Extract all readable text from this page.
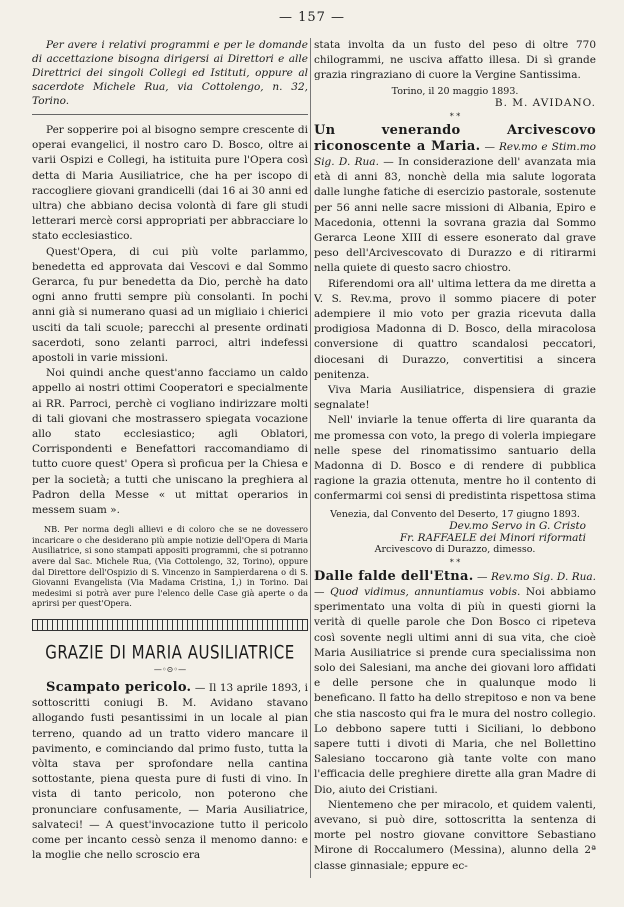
— 157 —

Per avere i relativi programmi e per le domande di accettazione bisogna dirigersi ai Direttori e alle Direttrici dei singoli Collegi ed Istituti, oppure al sacerdote Michele Rua, via Cottolengo, n. 32, Torino.

Per sopperire poi al bisogno sempre crescente di operai evangelici, il nostro caro D. Bosco, oltre ai varii Ospizi e Collegi, ha istituita pure l'Opera così detta di Maria Ausiliatrice, che ha per iscopo di raccogliere giovani grandicelli (dai 16 ai 30 anni ed ultra) che abbiano decisa volontà di fare gli studi letterari mercè corsi appropriati per abbracciare lo stato ecclesiastico.

Quest'Opera, di cui più volte parlammo, benedetta ed approvata dai Vescovi e dal Sommo Gerarca, fu pur benedetta da Dio, perchè ha dato ogni anno frutti sempre più consolanti. In pochi anni già si numerano quasi ad un migliaio i chierici usciti da tali scuole; parecchi al presente ordinati sacerdoti, sono zelanti parroci, altri indefessi apostoli in varie missioni.

Noi quindi anche quest'anno facciamo un caldo appello ai nostri ottimi Cooperatori e specialmente ai RR. Parroci, perchè ci vogliano indirizzare molti di tali giovani che mostrassero spiegata vocazione allo stato ecclesiastico; agli Oblatori, Corrispondenti e Benefattori raccomandiamo di tutto cuore quest' Opera sì proficua per la Chiesa e per la società; a tutti che uniscano la preghiera al Padron della Messe « ut mittat operarios in messem suam ».

NB. Per norma degli allievi e di coloro che se ne dovessero incaricare o che desiderano più ampie notizie dell'Opera di Maria Ausiliatrice, si sono stampati appositi programmi, che si potranno avere dal Sac. Michele Rua, (Via Cottolengo, 32, Torino), oppure dal Direttore dell'Ospizio di S. Vincenzo in Sampierdarena o di S. Giovanni Evangelista (Via Madama Cristina, 1,) in Torino. Dai medesimi si potrà aver pure l'elenco delle Case già aperte o da aprirsi per quest'Opera.

GRAZIE DI MARIA AUSILIATRICE
—◦⊙◦—

Scampato pericolo. — Il 13 aprile 1893, i sottoscritti coniugi B. M. Avidano stavano allogando fusti pesantissimi in un locale al pian terreno, quando ad un tratto videro mancare il pavimento, e cominciando dal primo fusto, tutta la vòlta stava per sprofondare nella cantina sottostante, piena questa pure di fusti di vino. In vista di tanto pericolo, non poterono che pronunciare confusamente, — Maria Ausiliatrice, salvateci! — A quest'invocazione tutto il pericolo come per incanto cessò senza il menomo danno: e la moglie che nello scroscio era

stata involta da un fusto del peso di oltre 770 chilogrammi, ne usciva affatto illesa. Di sì grande grazia ringraziano di cuore la Vergine Santissima.

Torino, il 20 maggio 1893.
B. M. AVIDANO.
* *

Un venerando Arcivescovo riconoscente a Maria. — Rev.mo e Stim.mo Sig. D. Rua. — In considerazione dell' avanzata mia età di anni 83, nonchè della mia salute logorata dalle lunghe fatiche di esercizio pastorale, sostenute per 56 anni nelle sacre missioni di Albania, Epiro e Macedonia, ottenni la sovrana grazia dal Sommo Gerarca Leone XIII di essere esonerato dal grave peso dell'Arcivescovato di Durazzo e di ritirarmi nella quiete di questo sacro chiostro.

Riferendomi ora all' ultima lettera da me diretta a V. S. Rev.ma, provo il sommo piacere di poter adempiere il mio voto per grazia ricevuta dalla prodigiosa Madonna di D. Bosco, della miracolosa conversione di quattro scandalosi peccatori, diocesani di Durazzo, convertitisi a sincera penitenza.

Viva Maria Ausiliatrice, dispensiera di grazie segnalate!

Nell' inviarle la tenue offerta di lire quaranta da me promessa con voto, la prego di volerla impiegare nelle spese del rinomatissimo santuario della Madonna di D. Bosco e di rendere di pubblica ragione la grazia ottenuta, mentre ho il contento di confermarmi coi sensi di predistinta rispettosa stima

Venezia, dal Convento del Deserto, 17 giugno 1893.
Dev.mo Servo in G. Cristo
Fr. RAFFAELE dei Minori riformati
Arcivescovo di Durazzo, dimesso.
* *

Dalle falde dell'Etna. — Rev.mo Sig. D. Rua. — Quod vidimus, annuntiamus vobis. Noi abbiamo sperimentato una volta di più in questi giorni la verità di quelle parole che Don Bosco ci ripeteva così sovente negli ultimi anni di sua vita, che cioè Maria Ausiliatrice si prende cura specialissima non solo dei Salesiani, ma anche dei giovani loro affidati e delle persone che in qualunque modo li beneficano. Il fatto ha dello strepitoso e non va bene che stia nascosto qui fra le mura del nostro collegio. Lo debbono sapere tutti i Siciliani, lo debbono sapere tutti i divoti di Maria, che nel Bollettino Salesiano toccarono già tante volte con mano l'efficacia delle preghiere dirette alla gran Madre di Dio, aiuto dei Cristiani.

Nientemeno che per miracolo, et quidem valenti, avevano, si può dire, sottoscritta la sentenza di morte pel nostro giovane convittore Sebastiano Mirone di Roccalumero (Messina), alunno della 2ª classe ginnasiale; eppure ec-
